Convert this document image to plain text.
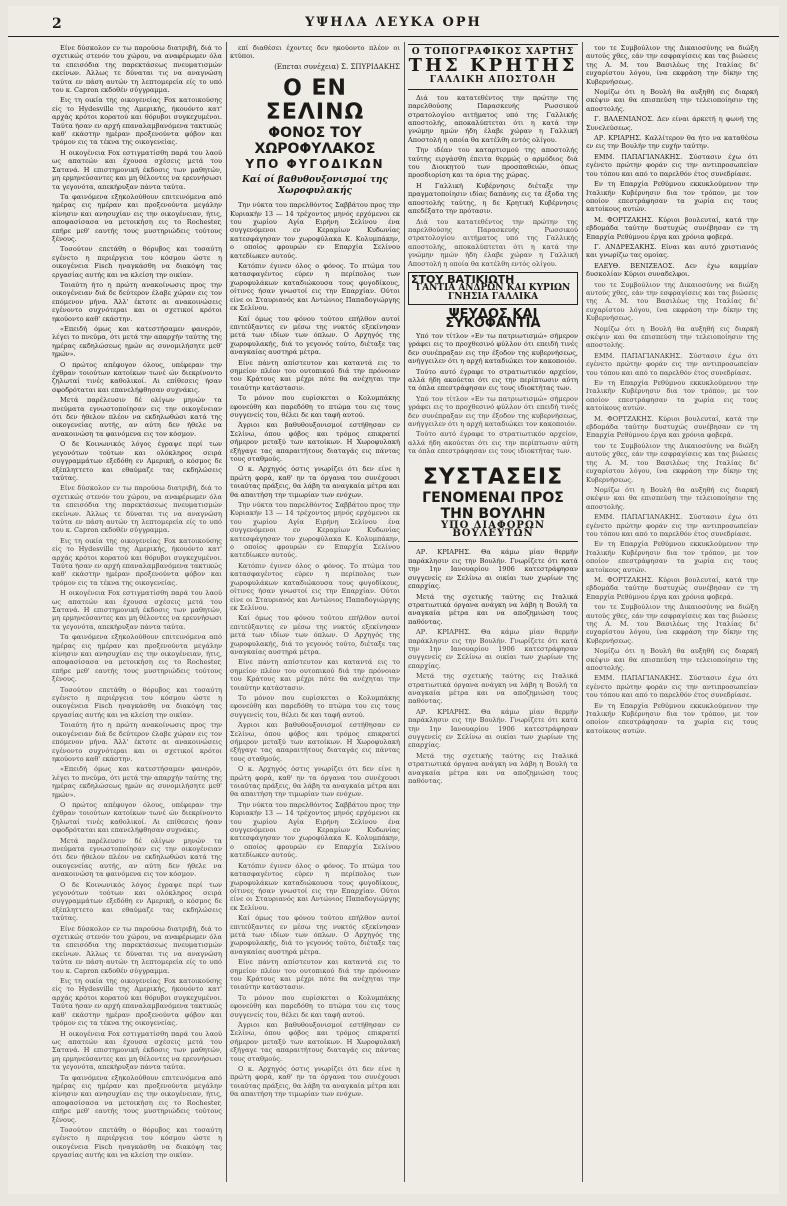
2	ΥΨΗΛΑ ΛΕΥΚΑ ΟΡΗ

Είνε δύσκολον εν τω παρούσω διατριβή, διά το σχετικώς στενόν του χώρου, να αναφέρωμεν όλα τα επεισόδια της παρεκτάσεως πνευματισμών εκείνων. Άλλως τε δύναται τις να αναγνώση ταύτα εν πάση αυτών τη λεπτομερεία είς το υπό του κ. Capron εκδοθέν σύγγραμμα.

Εις τη οικία της οικογενείας Fox κατοικούσης είς το Hydesville της Αμερικής, ήκουόντο κατ' αρχάς κρότοι κορατού και θόρυβοι συγκεχυμένοι. Ταύτα ήσαν εν αρχή επαναλαμβανόμενα τακτικώς καθ' εκάστην ημέραν πρoξενούντα φόβον και τρόμον εις τα τέκνα της οικογενείας.

Η οικογένεια Fox εστιγματίσθη παρά του λαού ως απατεών και έχουσα σχέσεις μετά του Σατανά. Η επιστημονική έκδοσις των μαθητών, μη ερμηνεύσαντες και μη θέλοντες να ερευνήσωσι τα γεγονότα, απεκήρυξαν πάντα ταύτα.

Τα φαινόμενα εξηκολούθουν επιτεινόμενα από ημέρας εις ημέραν και προξενούντα μεγάλην κίνησιν και ανησυχίαν εις την οικογένειαν, ήτις, αποφασίσασα να μετοικήση εις το Rochester, επήρε μεθ' εαυτής τους μυστηριώδεις τούτους ξένους.

Τοσούτον επετάθη ο θόρυβος και τοσαύτη εγένετο η περιέργεια του κόσμου ώστε η οικογένεια Fisch ηναγκάσθη να διακόψη τας εργασίας αυτής και να κλείση την οικίαν.

Τοιαύτη ήτο η πρώτη ανακοίνωσις προς την οικογένειαν διά δε δεύτερον έλαβε χώραν εις τον επόμενον μήνα. Άλλ' έκτοτε αι ανακοινώσεις εγένοντο συχνότεραι και οι σχετικοί κρότοι ηκούοντο καθ' εκάστην.

«Επειδή όμως και κατεστήσαμεν φανερόν, λέγει το πνεύμα, ότι μετά την απαρχήν ταύτης της ημέρας εκδηλώσεως ημών ας συνομιλήσητε μεθ' ημών».

Ο πρώτος απέφυγον όλους, υπέφεραν την έχθραν τοιούτων κατοίκων τωνέ ών διεκρίνοντο ζηλωταί τινές καθολικοί. Αι επίθεσεις ήσαν σφοδρόταται και επανελήφθησαν συχνάκις.

Μετά παρέλευσιν δέ ολίγων μηνών τα πνεύματα εγνωστοποίησαν εις την οικογένειαν ότι δεν ήθελον πλέον να εκδηλωθώσι κατά της οικογενείας αυτής, αν αύτη δεν ήθελε να ανακοινώση τα φαινόμενα εις τον κόσμον.

Ο δε Κοινωνικός λόγος έγραψε περί των γεγονότων τούτων και ολόκληρος σειρά συγγραμμάτων εξεδόθη εν Αμερική, ο κόσμος δε εξέπληττετο και εθαύμαζε τας εκδηλώσεις ταύτας.

Είνε δύσκολον εν τω παρούσω διατριβή, διά το σχετικώς στενόν του χώρου, να αναφέρωμεν όλα τα επεισόδια της παρεκτάσεως πνευματισμών εκείνων. Άλλως τε δύναται τις να αναγνώση ταύτα εν πάση αυτών τη λεπτομερεία είς το υπό του κ. Capron εκδοθέν σύγγραμμα.

Εις τη οικία της οικογενείας Fox κατοικούσης είς το Hydesville της Αμερικής, ήκουόντο κατ' αρχάς κρότοι κορατού και θόρυβοι συγκεχυμένοι. Ταύτα ήσαν εν αρχή επαναλαμβανόμενα τακτικώς καθ' εκάστην ημέραν πρoξενούντα φόβον και τρόμον εις τα τέκνα της οικογενείας.

Η οικογένεια Fox εστιγματίσθη παρά του λαού ως απατεών και έχουσα σχέσεις μετά του Σατανά. Η επιστημονική έκδοσις των μαθητών, μη ερμηνεύσαντες και μη θέλοντες να ερευνήσωσι τα γεγονότα, απεκήρυξαν πάντα ταύτα.

Τα φαινόμενα εξηκολούθουν επιτεινόμενα από ημέρας εις ημέραν και προξενούντα μεγάλην κίνησιν και ανησυχίαν εις την οικογένειαν, ήτις, αποφασίσασα να μετοικήση εις το Rochester, επήρε μεθ' εαυτής τους μυστηριώδεις τούτους ξένους.

Τοσούτον επετάθη ο θόρυβος και τοσαύτη εγένετο η περιέργεια του κόσμου ώστε η οικογένεια Fisch ηναγκάσθη να διακόψη τας εργασίας αυτής και να κλείση την οικίαν.

Τοιαύτη ήτο η πρώτη ανακοίνωσις προς την οικογένειαν διά δε δεύτερον έλαβε χώραν εις τον επόμενον μήνα. Άλλ' έκτοτε αι ανακοινώσεις εγένοντο συχνότεραι και οι σχετικοί κρότοι ηκούοντο καθ' εκάστην.

«Επειδή όμως και κατεστήσαμεν φανερόν, λέγει το πνεύμα, ότι μετά την απαρχήν ταύτης της ημέρας εκδηλώσεως ημών ας συνομιλήσητε μεθ' ημών».

Ο πρώτος απέφυγον όλους, υπέφεραν την έχθραν τοιούτων κατοίκων τωνέ ών διεκρίνοντο ζηλωταί τινές καθολικοί. Αι επίθεσεις ήσαν σφοδρόταται και επανελήφθησαν συχνάκις.

Μετά παρέλευσιν δέ ολίγων μηνών τα πνεύματα εγνωστοποίησαν εις την οικογένειαν ότι δεν ήθελον πλέον να εκδηλωθώσι κατά της οικογενείας αυτής, αν αύτη δεν ήθελε να ανακοινώση τα φαινόμενα εις τον κόσμον.

Ο δε Κοινωνικός λόγος έγραψε περί των γεγονότων τούτων και ολόκληρος σειρά συγγραμμάτων εξεδόθη εν Αμερική, ο κόσμος δε εξέπληττετο και εθαύμαζε τας εκδηλώσεις ταύτας.

Είνε δύσκολον εν τω παρούσω διατριβή, διά το σχετικώς στενόν του χώρου, να αναφέρωμεν όλα τα επεισόδια της παρεκτάσεως πνευματισμών εκείνων. Άλλως τε δύναται τις να αναγνώση ταύτα εν πάση αυτών τη λεπτομερεία είς το υπό του κ. Capron εκδοθέν σύγγραμμα.

Εις τη οικία της οικογενείας Fox κατοικούσης είς το Hydesville της Αμερικής, ήκουόντο κατ' αρχάς κρότοι κορατού και θόρυβοι συγκεχυμένοι. Ταύτα ήσαν εν αρχή επαναλαμβανόμενα τακτικώς καθ' εκάστην ημέραν πρoξενούντα φόβον και τρόμον εις τα τέκνα της οικογενείας.

Η οικογένεια Fox εστιγματίσθη παρά του λαού ως απατεών και έχουσα σχέσεις μετά του Σατανά. Η επιστημονική έκδοσις των μαθητών, μη ερμηνεύσαντες και μη θέλοντες να ερευνήσωσι τα γεγονότα, απεκήρυξαν πάντα ταύτα.

Τα φαινόμενα εξηκολούθουν επιτεινόμενα από ημέρας εις ημέραν και προξενούντα μεγάλην κίνησιν και ανησυχίαν εις την οικογένειαν, ήτις, αποφασίσασα να μετοικήση εις το Rochester, επήρε μεθ' εαυτής τους μυστηριώδεις τούτους ξένους.

Τοσούτον επετάθη ο θόρυβος και τοσαύτη εγένετο η περιέργεια του κόσμου ώστε η οικογένεια Fisch ηναγκάσθη να διακόψη τας εργασίας αυτής και να κλείση την οικίαν.

επί διαθέσει έχοντες δεν ηκούοντο πλέον οι κτύποι.

(Επεται συνέχεια) Σ. ΣΠΥΡΙΔΑΚΗΣ
Ο ΕΝ ΣΕΛΙΝΩ
ΦΟΝΟΣ ΤΟΥ ΧΩΡΟΦΥΛΑΚΟΣ
ΥΠΟ ΦΥΓΟΔΙΚΩΝ
Καί οί βαθυθουξονισμοί της Χωροφυλακής

Την νύκτα του παρελθόντος Σαββάτου προς την Κυριακήν 13 — 14 τρέχοντος μηνός ερχόμενοι εκ του χωρίου Αγία Ειρήνη Σελίνου ένα συγγενόμενοι εν Κεραμίων Κυδωνίας κατεσφάγησαν τον χωροφύλακα Κ. Κολυμπάκην, ο οποίος φρουρών εν Επαρχία Σελίνου κατεδίωκεν αυτούς.

Κατόπιν έγινεν όλος ο φόνος. Το πτώμα του κατασφαγέντος εύρεν η περίπολος των χωροφυλάκων καταδιώκουσα τους φυγοδίκους, οίτινες ήσαν γνωστοί εις την Επαρχίαν. Ούτοι είνε οι Σταυριανός και Αντώνιος Παπαδογιώργης εκ Σελίνου.

Καί όμως του φόνου τούτου επήλθον αυτοί επιτεύξαντες εν μέσω της νυκτός εξεκίνησαν μετά των ιδίων των όπλων. Ο Αρχηγός της χωροφυλακής, διά το γεγονός τούτο, διέταξε τας αναγκαίας αυστηρά μέτρα.

Είνε πάντη απίστευτον και καταντά εις το σημείον πλέον του ουτοπικού διά την πρόνοιαν του Κράτους και μέχρι πότε θα ανέχηται την τοιαύτην κατάστασιν.

Το μόνον που ευρίσκεται ο Κολυμπάκης εφονεύθη και παρεδόθη το πτώμα του εις τους συγγενείς του, θέλει δε και ταφή αυτού.

Άγριοι και βαθυθουξονισμοί εστήθησαν εν Σελίνω, όπου φόβος και τρόμος επικρατεί σήμερον μεταξύ των κατοίκων. Η Χωροφυλακή εξήγαγε τας απαραιτήτους διαταγάς εις πάντας τους σταθμούς.

Ο κ. Αρχηγός όστις γνωρίζει ότι δεν είνε η πρώτη φορά, καθ' ην τα όργανα του συνέχουσι τοιαύτας πράξεις, θα λάβη τα αναγκαία μέτρα και θα απαιτήση την τιμωρίαν των ενόχων.

Την νύκτα του παρελθόντος Σαββάτου προς την Κυριακήν 13 — 14 τρέχοντος μηνός ερχόμενοι εκ του χωρίου Αγία Ειρήνη Σελίνου ένα συγγενόμενοι εν Κεραμίων Κυδωνίας κατεσφάγησαν τον χωροφύλακα Κ. Κολυμπάκην, ο οποίος φρουρών εν Επαρχία Σελίνου κατεδίωκεν αυτούς.

Κατόπιν έγινεν όλος ο φόνος. Το πτώμα του κατασφαγέντος εύρεν η περίπολος των χωροφυλάκων καταδιώκουσα τους φυγοδίκους, οίτινες ήσαν γνωστοί εις την Επαρχίαν. Ούτοι είνε οι Σταυριανός και Αντώνιος Παπαδογιώργης εκ Σελίνου.

Καί όμως του φόνου τούτου επήλθον αυτοί επιτεύξαντες εν μέσω της νυκτός εξεκίνησαν μετά των ιδίων των όπλων. Ο Αρχηγός της χωροφυλακής, διά το γεγονός τούτο, διέταξε τας αναγκαίας αυστηρά μέτρα.

Είνε πάντη απίστευτον και καταντά εις το σημείον πλέον του ουτοπικού διά την πρόνοιαν του Κράτους και μέχρι πότε θα ανέχηται την τοιαύτην κατάστασιν.

Το μόνον που ευρίσκεται ο Κολυμπάκης εφονεύθη και παρεδόθη το πτώμα του εις τους συγγενείς του, θέλει δε και ταφή αυτού.

Άγριοι και βαθυθουξονισμοί εστήθησαν εν Σελίνω, όπου φόβος και τρόμος επικρατεί σήμερον μεταξύ των κατοίκων. Η Χωροφυλακή εξήγαγε τας απαραιτήτους διαταγάς εις πάντας τους σταθμούς.

Ο κ. Αρχηγός όστις γνωρίζει ότι δεν είνε η πρώτη φορά, καθ' ην τα όργανα του συνέχουσι τοιαύτας πράξεις, θα λάβη τα αναγκαία μέτρα και θα απαιτήση την τιμωρίαν των ενόχων.

Την νύκτα του παρελθόντος Σαββάτου προς την Κυριακήν 13 — 14 τρέχοντος μηνός ερχόμενοι εκ του χωρίου Αγία Ειρήνη Σελίνου ένα συγγενόμενοι εν Κεραμίων Κυδωνίας κατεσφάγησαν τον χωροφύλακα Κ. Κολυμπάκην, ο οποίος φρουρών εν Επαρχία Σελίνου κατεδίωκεν αυτούς.

Κατόπιν έγινεν όλος ο φόνος. Το πτώμα του κατασφαγέντος εύρεν η περίπολος των χωροφυλάκων καταδιώκουσα τους φυγοδίκους, οίτινες ήσαν γνωστοί εις την Επαρχίαν. Ούτοι είνε οι Σταυριανός και Αντώνιος Παπαδογιώργης εκ Σελίνου.

Καί όμως του φόνου τούτου επήλθον αυτοί επιτεύξαντες εν μέσω της νυκτός εξεκίνησαν μετά των ιδίων των όπλων. Ο Αρχηγός της χωροφυλακής, διά το γεγονός τούτο, διέταξε τας αναγκαίας αυστηρά μέτρα.

Είνε πάντη απίστευτον και καταντά εις το σημείον πλέον του ουτοπικού διά την πρόνοιαν του Κράτους και μέχρι πότε θα ανέχηται την τοιαύτην κατάστασιν.

Το μόνον που ευρίσκεται ο Κολυμπάκης εφονεύθη και παρεδόθη το πτώμα του εις τους συγγενείς του, θέλει δε και ταφή αυτού.

Άγριοι και βαθυθουξονισμοί εστήθησαν εν Σελίνω, όπου φόβος και τρόμος επικρατεί σήμερον μεταξύ των κατοίκων. Η Χωροφυλακή εξήγαγε τας απαραιτήτους διαταγάς εις πάντας τους σταθμούς.

Ο κ. Αρχηγός όστις γνωρίζει ότι δεν είνε η πρώτη φορά, καθ' ην τα όργανα του συνέχουσι τοιαύτας πράξεις, θα λάβη τα αναγκαία μέτρα και θα απαιτήση την τιμωρίαν των ενόχων.

Ο ΤΟΠΟΓΡΑΦΙΚΟΣ ΧΑΡΤΗΣ
ΤΗΣ ΚΡΗΤΗΣ
ΓΑΛΛΙΚΗ ΑΠΟΣΤΟΛΗ

Διά του κατατεθέντος την πρώτην της παρελθούσης Παρασκευής Ρωσσικού στρατολογίου αιτήματος υπό της Γαλλικής αποστολής, αποκαλύπτεται ότι η κατά την γνώμην ημών ήδη έλαβε χώραν η Γαλλική Αποστολή η οποία θα κατέλθη εντός ολίγου.

Την ιδέαν του καταρτισμού της αποστολής ταύτης ειργάσθη έπειτα θερμώς ο αρμόδιος διά του Διοικητού των προσπαθειών, όπως προσδιορίση και τα όρια της χώρας.

Η Γαλλική Κυβέρνησις διέταξε την πραγματοποίησιν ιδίας δαπάνης εις τα έξοδα της αποστολής ταύτης, η δε Κρητική Κυβέρνησις απεδέξατο την πρότασιν.

Διά του κατατεθέντος την πρώτην της παρελθούσης Παρασκευής Ρωσσικού στρατολογίου αιτήματος υπό της Γαλλικής αποστολής, αποκαλύπτεται ότι η κατά την γνώμην ημών ήδη έλαβε χώραν η Γαλλική Αποστολή η οποία θα κατέλθη εντός ολίγου.

ΣΤΟΥ ΒΑΤΙΚΙΩΤΗ
ΓΑΝΤΙΑ ΑΝΔΡΩΝ ΚΑΙ ΚΥΡΙΩΝ
ΓΝΗΣΙΑ ΓΑΛΛΙΚΑ
ΨΕΥΔΟΣ ΚΑΙ ΣΥΚΟΦΑΝΤΙΑ

Υπό τον τίτλον «Εν τω πατριωτισμώ» σήμερον γράφει εις το προχθεσινό φύλλον ότι επειδή τινές δεν συνέπραξαν εις την έξοδον της κυβερνήσεως, ανήγγειλεν ότι η αρχή καταδιώκει τον κακοποιόν.

Τούτο αυτό έγραφε το στρατιωτικόν αρχείον, αλλά ήδη ακούεται ότι εις την περίπτωσιν αύτη τα όπλα επεστράφησαν εις τους ιδιοκτήτας των.

Υπό τον τίτλον «Εν τω πατριωτισμώ» σήμερον γράφει εις το προχθεσινό φύλλον ότι επειδή τινές δεν συνέπραξαν εις την έξοδον της κυβερνήσεως, ανήγγειλεν ότι η αρχή καταδιώκει τον κακοποιόν.

Τούτο αυτό έγραφε το στρατιωτικόν αρχείον, αλλά ήδη ακούεται ότι εις την περίπτωσιν αύτη τα όπλα επεστράφησαν εις τους ιδιοκτήτας των.

ΣΥΣΤΑΣΕΙΣ
ΓΕΝΟΜΕΝΑΙ ΠΡΟΣ ΤΗΝ ΒΟΥΛΗΝ
ΥΠΟ ΔΙΑΦΟΡΩΝ ΒΟΥΛΕΥΤΩΝ

ΑΡ. ΚΡΙΑΡΗΣ. Θα κάμω μίαν θερμήν παράκλησιν εις την Βουλήν. Γνωρίζετε ότι κατά την 1ην Ιανουαρίου 1906 κατεστράφησαν συγγενείς εν Σελίνω αι οικίαι των χωρίων της επαρχίας.

Μετά της σχετικής ταύτης εις Ιταλικά στρατιωτικά όργανα ανάγκη να λάβη η Βουλή τα αναγκαία μέτρα και να αποζημιώση τους παθόντας.

ΑΡ. ΚΡΙΑΡΗΣ. Θα κάμω μίαν θερμήν παράκλησιν εις την Βουλήν. Γνωρίζετε ότι κατά την 1ην Ιανουαρίου 1906 κατεστράφησαν συγγενείς εν Σελίνω αι οικίαι των χωρίων της επαρχίας.

Μετά της σχετικής ταύτης εις Ιταλικά στρατιωτικά όργανα ανάγκη να λάβη η Βουλή τα αναγκαία μέτρα και να αποζημιώση τους παθόντας.

ΑΡ. ΚΡΙΑΡΗΣ. Θα κάμω μίαν θερμήν παράκλησιν εις την Βουλήν. Γνωρίζετε ότι κατά την 1ην Ιανουαρίου 1906 κατεστράφησαν συγγενείς εν Σελίνω αι οικίαι των χωρίων της επαρχίας.

Μετά της σχετικής ταύτης εις Ιταλικά στρατιωτικά όργανα ανάγκη να λάβη η Βουλή τα αναγκαία μέτρα και να αποζημιώση τους παθόντας.

τον τε Συμβούλιον της Δικαιοσύνης να διώξη αυτούς χθες, εάν την εσφραγίσεις και τας βιώσεις της Α. Μ. του Βασιλέως της Ιταλίας δι' ευχαρίστου λόγου, ίνα εκφράση την δίκην της Κυβερνήσεως.

Νομίζω ότι η Βουλή θα αυξηθή εις διαρκή σκέψιν και θα επισπεύση την τελειοποίησιν της αποστολής.

Γ. ΒΑΛΕΝΙΑΝΟΣ. Δεν είναι άρκετή η φωνή της Συνελεύσεως.

ΑΡ. ΚΡΙΑΡΗΣ. Καλλίτερον θα ήτο να καταθέσω εν εις την Βουλήν την ευχήν ταύτην.

ΕΜΜ. ΠΑΠΑΓΙΑΝΑΚΗΣ. Σύστασιν έχω ότι εγένετο πρώτην φοράν εις την αντιπροσωπείαν του τόπου και από το παρελθόν έτος συνεδρίασε.

Εν τη Επαρχία Ρεθύμνου εκκυκλούμενον την Ιταλικήν Κυβέρνησιν δια τον τρόπον, με τον οποίον επεστράφησαν τα χωρία εις τους κατοίκους αυτών.

Μ. ΦΟΡΤΖΑΚΗΣ. Κύριοι βουλευταί, κατά την εβδομάδα ταύτην δυστυχώς συνέβησαν εν τη Επαρχία Ρεθύμνου έργα και χρόνια φοβερά.

Γ. ΑΝΔΡΕΣΑΚΗΣ. Είναι και αυτό χριστιανός και γνωρίζω τας ομοίας.

ΕΛΕΥΘ. ΒΕΝΙΖΕΛΟΣ. Δεν έχω καμμίαν δυσκολίαν Κύριοι συναδελφοι.

τον τε Συμβούλιον της Δικαιοσύνης να διώξη αυτούς χθες, εάν την εσφραγίσεις και τας βιώσεις της Α. Μ. του Βασιλέως της Ιταλίας δι' ευχαρίστου λόγου, ίνα εκφράση την δίκην της Κυβερνήσεως.

Νομίζω ότι η Βουλή θα αυξηθή εις διαρκή σκέψιν και θα επισπεύση την τελειοποίησιν της αποστολής.

ΕΜΜ. ΠΑΠΑΓΙΑΝΑΚΗΣ. Σύστασιν έχω ότι εγένετο πρώτην φοράν εις την αντιπροσωπείαν του τόπου και από το παρελθόν έτος συνεδρίασε.

Εν τη Επαρχία Ρεθύμνου εκκυκλούμενον την Ιταλικήν Κυβέρνησιν δια τον τρόπον, με τον οποίον επεστράφησαν τα χωρία εις τους κατοίκους αυτών.

Μ. ΦΟΡΤΖΑΚΗΣ. Κύριοι βουλευταί, κατά την εβδομάδα ταύτην δυστυχώς συνέβησαν εν τη Επαρχία Ρεθύμνου έργα και χρόνια φοβερά.

τον τε Συμβούλιον της Δικαιοσύνης να διώξη αυτούς χθες, εάν την εσφραγίσεις και τας βιώσεις της Α. Μ. του Βασιλέως της Ιταλίας δι' ευχαρίστου λόγου, ίνα εκφράση την δίκην της Κυβερνήσεως.

Νομίζω ότι η Βουλή θα αυξηθή εις διαρκή σκέψιν και θα επισπεύση την τελειοποίησιν της αποστολής.

ΕΜΜ. ΠΑΠΑΓΙΑΝΑΚΗΣ. Σύστασιν έχω ότι εγένετο πρώτην φοράν εις την αντιπροσωπείαν του τόπου και από το παρελθόν έτος συνεδρίασε.

Εν τη Επαρχία Ρεθύμνου εκκυκλούμενον την Ιταλικήν Κυβέρνησιν δια τον τρόπον, με τον οποίον επεστράφησαν τα χωρία εις τους κατοίκους αυτών.

Μ. ΦΟΡΤΖΑΚΗΣ. Κύριοι βουλευταί, κατά την εβδομάδα ταύτην δυστυχώς συνέβησαν εν τη Επαρχία Ρεθύμνου έργα και χρόνια φοβερά.

τον τε Συμβούλιον της Δικαιοσύνης να διώξη αυτούς χθες, εάν την εσφραγίσεις και τας βιώσεις της Α. Μ. του Βασιλέως της Ιταλίας δι' ευχαρίστου λόγου, ίνα εκφράση την δίκην της Κυβερνήσεως.

Νομίζω ότι η Βουλή θα αυξηθή εις διαρκή σκέψιν και θα επισπεύση την τελειοποίησιν της αποστολής.

ΕΜΜ. ΠΑΠΑΓΙΑΝΑΚΗΣ. Σύστασιν έχω ότι εγένετο πρώτην φοράν εις την αντιπροσωπείαν του τόπου και από το παρελθόν έτος συνεδρίασε.

Εν τη Επαρχία Ρεθύμνου εκκυκλούμενον την Ιταλικήν Κυβέρνησιν δια τον τρόπον, με τον οποίον επεστράφησαν τα χωρία εις τους κατοίκους αυτών.
